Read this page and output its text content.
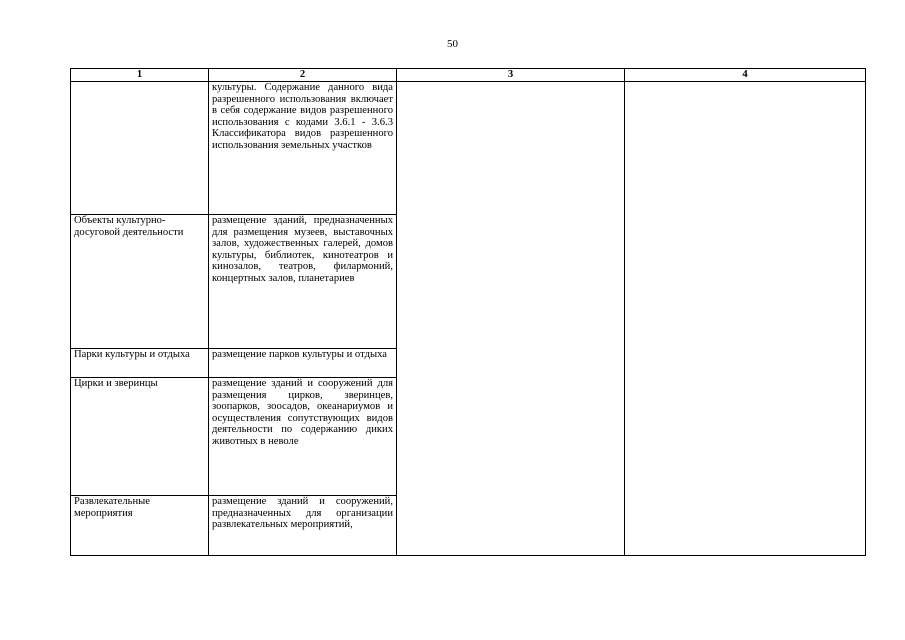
50
1	2	3	4
	культуры. Содержание данного вида разрешенного использования включает в себя содержание видов разрешенного использования с кодами 3.6.1 - 3.6.3 Классификатора видов разрешенного использования земельных участков		
Объекты культурно-досуговой деятельности	размещение зданий, предназначенных для размещения музеев, выставочных залов, художественных галерей, домов культуры, библиотек, кинотеатров и кинозалов, театров, филармоний, концертных залов, планетариев		
Парки культуры и отдыха	размещение парков культуры и отдыха		
Цирки и зверинцы	размещение зданий и сооружений для размещения цирков, зверинцев, зоопарков, зоосадов, океанариумов и осуществления сопутствующих видов деятельности по содержанию диких животных в неволе		
Развлекательные мероприятия	размещение зданий и сооружений, предназначенных для организации развлекательных мероприятий,		
